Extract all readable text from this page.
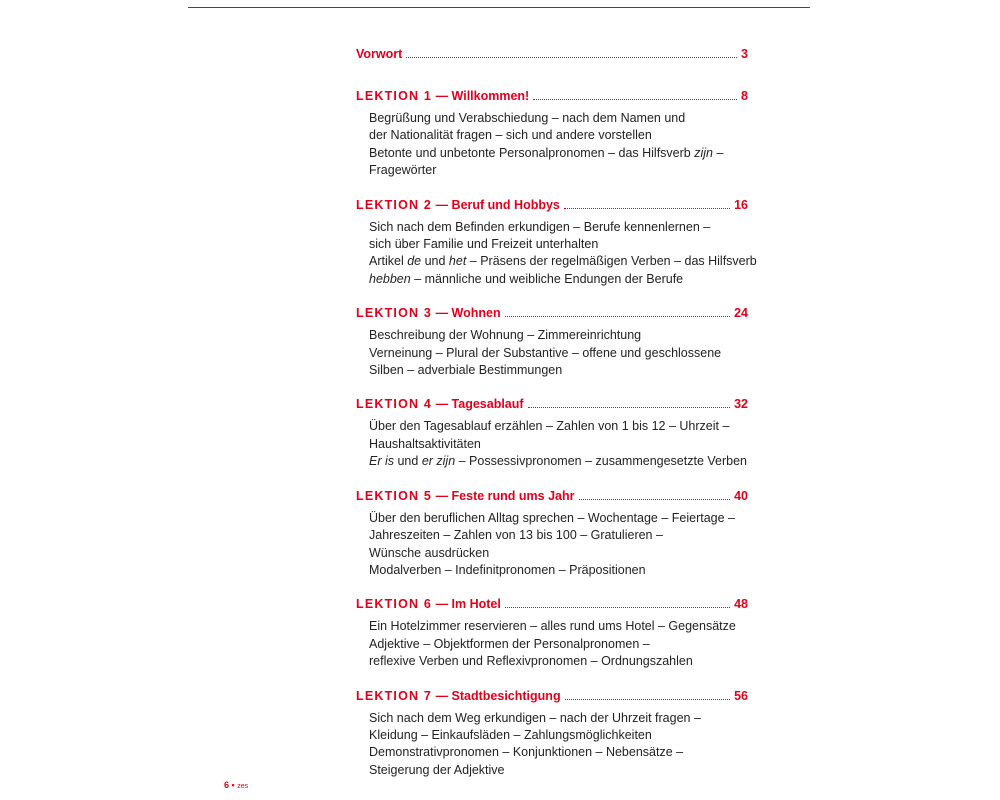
Vorwort	3
LEKTION 1 — Willkommen!	8
Begrüßung und Verabschiedung – nach dem Namen und
der Nationalität fragen – sich und andere vorstellen
Betonte und unbetonte Personalpronomen – das Hilfsverb zijn –
Fragewörter
LEKTION 2 — Beruf und Hobbys	16
Sich nach dem Befinden erkundigen – Berufe kennenlernen –
sich über Familie und Freizeit unterhalten
Artikel de und het – Präsens der regelmäßigen Verben – das Hilfsverb
hebben – männliche und weibliche Endungen der Berufe
LEKTION 3 — Wohnen	24
Beschreibung der Wohnung – Zimmereinrichtung
Verneinung – Plural der Substantive – offene und geschlossene
Silben – adverbiale Bestimmungen
LEKTION 4 — Tagesablauf	32
Über den Tagesablauf erzählen – Zahlen von 1 bis 12 – Uhrzeit –
Haushaltsaktivitäten
Er is und er zijn – Possessivpronomen – zusammengesetzte Verben
LEKTION 5 — Feste rund ums Jahr	40
Über den beruflichen Alltag sprechen – Wochentage – Feiertage –
Jahreszeiten – Zahlen von 13 bis 100 – Gratulieren –
Wünsche ausdrücken
Modalverben – Indefinitpronomen – Präpositionen
LEKTION 6 — Im Hotel	48
Ein Hotelzimmer reservieren – alles rund ums Hotel – Gegensätze
Adjektive – Objektformen der Personalpronomen –
reflexive Verben und Reflexivpronomen – Ordnungszahlen
LEKTION 7 — Stadtbesichtigung	56
Sich nach dem Weg erkundigen – nach der Uhrzeit fragen –
Kleidung – Einkaufsläden – Zahlungsmöglichkeiten
Demonstrativpronomen – Konjunktionen – Nebensätze –
Steigerung der Adjektive
6 • zes
